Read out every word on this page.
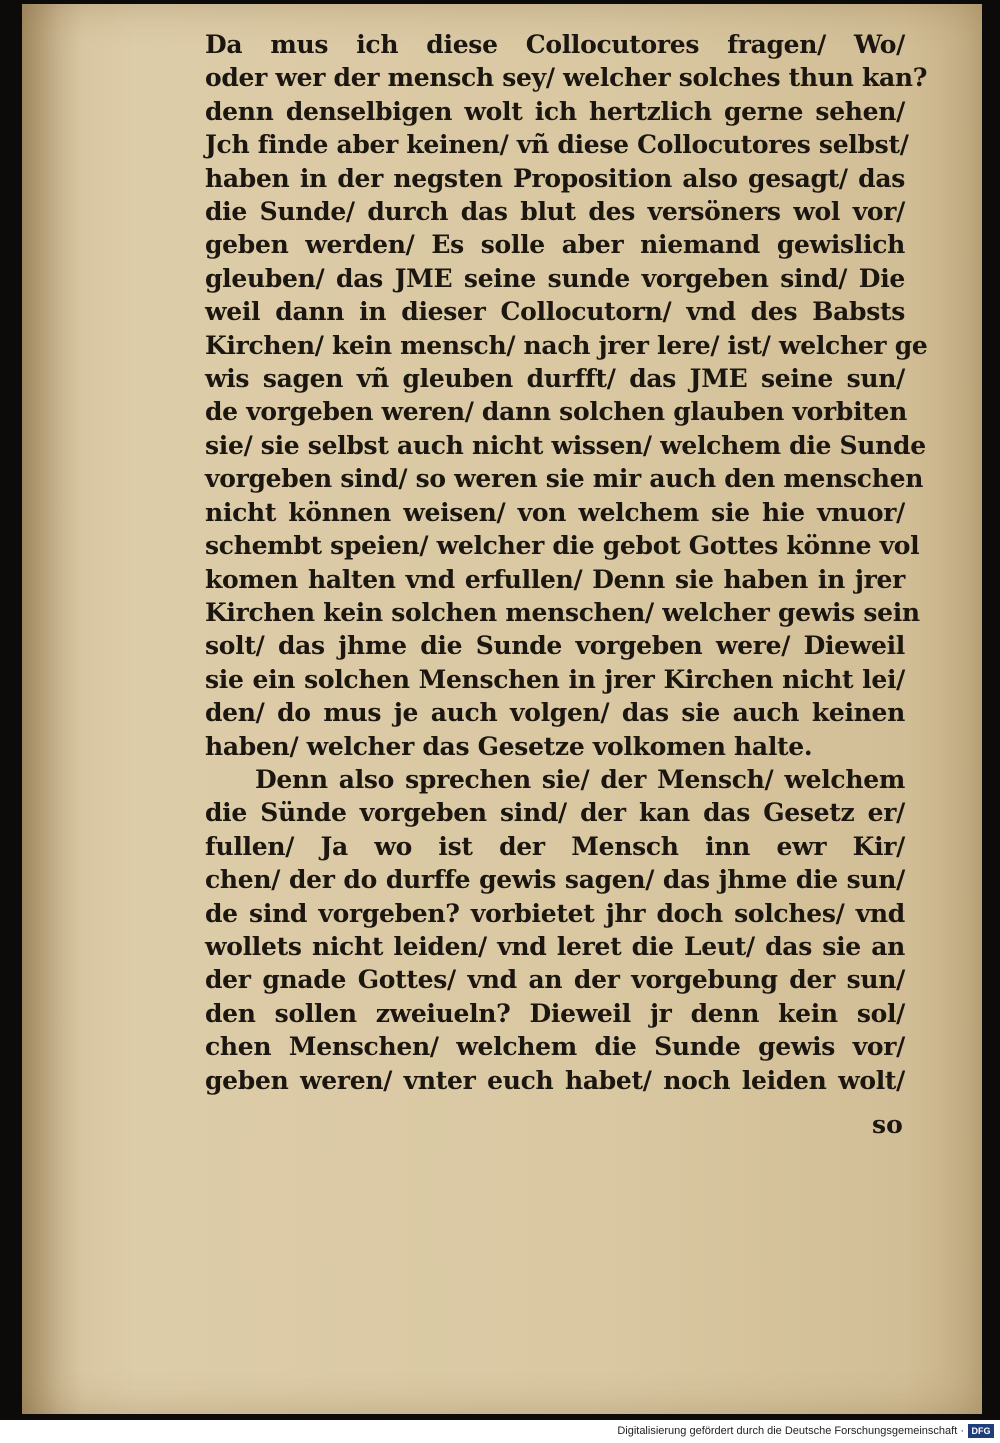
Da mus ich diese Collocutores fragen/ Wo/
oder wer der mensch sey/ welcher solches thun kan?
denn denselbigen wolt ich hertzlich gerne sehen/
Jch finde aber keinen/ vñ diese Collocutores selbst/
haben in der negsten Proposition also gesagt/ das
die Sunde/ durch das blut des versöners wol vor/
geben werden/ Es solle aber niemand gewislich
gleuben/ das JME seine sunde vorgeben sind/ Die
weil dann in dieser Collocutorn/ vnd des Babsts
Kirchen/ kein mensch/ nach jrer lere/ ist/ welcher ge
wis sagen vñ gleuben durfft/ das JME seine sun/
de vorgeben weren/ dann solchen glauben vorbiten
sie/ sie selbst auch nicht wissen/ welchem die Sunde
vorgeben sind/ so weren sie mir auch den menschen
nicht können weisen/ von welchem sie hie vnuor/
schembt speien/ welcher die gebot Gottes könne vol
komen halten vnd erfullen/ Denn sie haben in jrer
Kirchen kein solchen menschen/ welcher gewis sein
solt/ das jhme die Sunde vorgeben were/ Dieweil
sie ein solchen Menschen in jrer Kirchen nicht lei/
den/ do mus je auch volgen/ das sie auch keinen
haben/ welcher das Gesetze volkomen halte.
Denn also sprechen sie/ der Mensch/ welchem
die Sünde vorgeben sind/ der kan das Gesetz er/
fullen/ Ja wo ist der Mensch inn ewr Kir/
chen/ der do durffe gewis sagen/ das jhme die sun/
de sind vorgeben? vorbietet jhr doch solches/ vnd
wollets nicht leiden/ vnd leret die Leut/ das sie an
der gnade Gottes/ vnd an der vorgebung der sun/
den sollen zweiueln? Dieweil jr denn kein sol/
chen Menschen/ welchem die Sunde gewis vor/
geben weren/ vnter euch habet/ noch leiden wolt/
so
Digitalisierung gefördert durch die Deutsche Forschungsgemeinschaft · DFG
